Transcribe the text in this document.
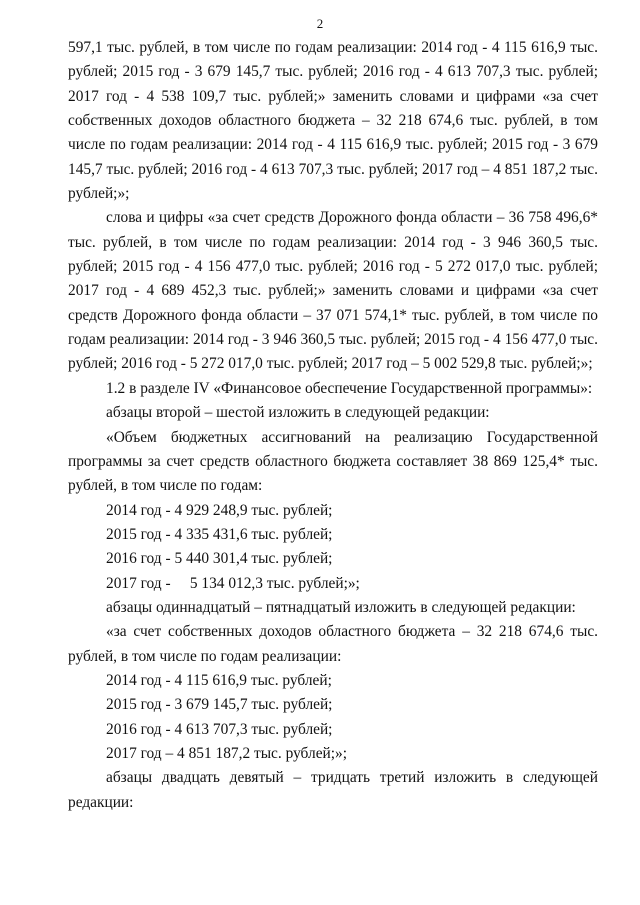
2

597,1 тыс. рублей, в том числе по годам реализации: 2014 год - 4 115 616,9 тыс. рублей; 2015 год - 3 679 145,7 тыс. рублей; 2016 год - 4 613 707,3 тыс. рублей; 2017 год - 4 538 109,7 тыс. рублей;» заменить словами и цифрами «за счет собственных доходов областного бюджета – 32 218 674,6 тыс. рублей, в том числе по годам реализации: 2014 год - 4 115 616,9 тыс. рублей; 2015 год - 3 679 145,7 тыс. рублей; 2016 год - 4 613 707,3 тыс. рублей; 2017 год – 4 851 187,2 тыс. рублей;»;

слова и цифры «за счет средств Дорожного фонда области – 36 758 496,6* тыс. рублей, в том числе по годам реализации: 2014 год - 3 946 360,5 тыс. рублей; 2015 год - 4 156 477,0 тыс. рублей; 2016 год - 5 272 017,0 тыс. рублей; 2017 год - 4 689 452,3 тыс. рублей;» заменить словами и цифрами «за счет средств Дорожного фонда области – 37 071 574,1* тыс. рублей, в том числе по годам реализации: 2014 год - 3 946 360,5 тыс. рублей; 2015 год - 4 156 477,0 тыс. рублей; 2016 год - 5 272 017,0 тыс. рублей; 2017 год – 5 002 529,8 тыс. рублей;»;

1.2 в разделе IV «Финансовое обеспечение Государственной программы»:

абзацы второй – шестой изложить в следующей редакции:

«Объем бюджетных ассигнований на реализацию Государственной программы за счет средств областного бюджета составляет 38 869 125,4* тыс. рублей, в том числе по годам:

2014 год - 4 929 248,9 тыс. рублей;

2015 год - 4 335 431,6 тыс. рублей;

2016 год - 5 440 301,4 тыс. рублей;

2017 год -     5 134 012,3 тыс. рублей;»;

абзацы одиннадцатый – пятнадцатый изложить в следующей редакции:

«за счет собственных доходов областного бюджета – 32 218 674,6 тыс. рублей, в том числе по годам реализации:

2014 год - 4 115 616,9 тыс. рублей;

2015 год - 3 679 145,7 тыс. рублей;

2016 год - 4 613 707,3 тыс. рублей;

2017 год – 4 851 187,2 тыс. рублей;»;

абзацы двадцать девятый – тридцать третий изложить в следующей редакции:
